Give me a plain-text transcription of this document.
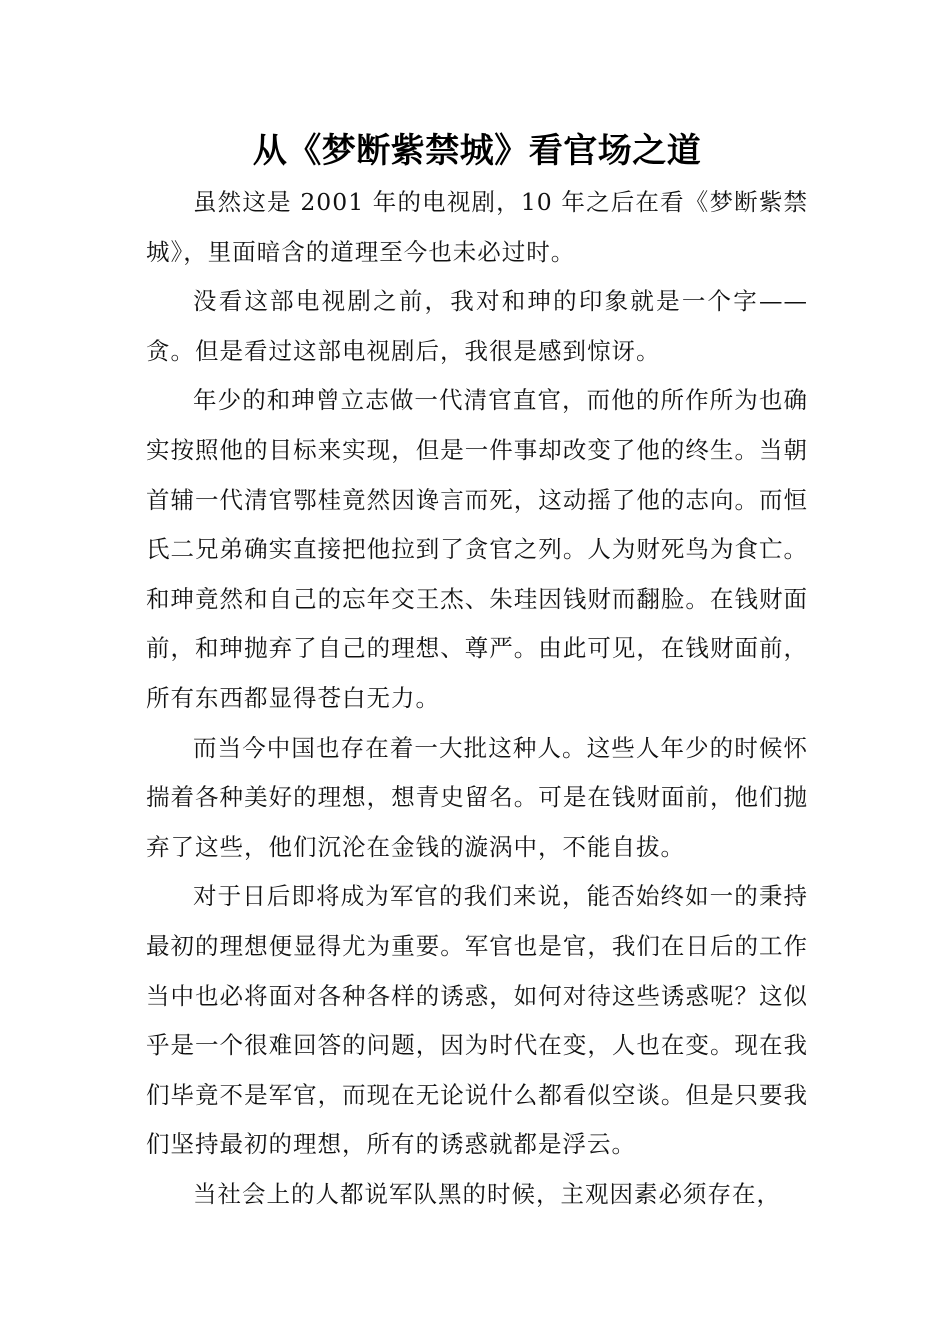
从《梦断紫禁城》看官场之道

虽然这是 2001 年的电视剧，10 年之后在看《梦断紫禁城》，里面暗含的道理至今也未必过时。

没看这部电视剧之前，我对和珅的印象就是一个字——贪。但是看过这部电视剧后，我很是感到惊讶。

年少的和珅曾立志做一代清官直官，而他的所作所为也确实按照他的目标来实现，但是一件事却改变了他的终生。当朝首辅一代清官鄂桂竟然因谗言而死，这动摇了他的志向。而恒氏二兄弟确实直接把他拉到了贪官之列。人为财死鸟为食亡。和珅竟然和自己的忘年交王杰、朱珪因钱财而翻脸。在钱财面前，和珅抛弃了自己的理想、尊严。由此可见，在钱财面前，所有东西都显得苍白无力。

而当今中国也存在着一大批这种人。这些人年少的时候怀揣着各种美好的理想，想青史留名。可是在钱财面前，他们抛弃了这些，他们沉沦在金钱的漩涡中，不能自拔。

对于日后即将成为军官的我们来说，能否始终如一的秉持最初的理想便显得尤为重要。军官也是官，我们在日后的工作当中也必将面对各种各样的诱惑，如何对待这些诱惑呢？这似乎是一个很难回答的问题，因为时代在变，人也在变。现在我们毕竟不是军官，而现在无论说什么都看似空谈。但是只要我们坚持最初的理想，所有的诱惑就都是浮云。

当社会上的人都说军队黑的时候，主观因素必须存在，
